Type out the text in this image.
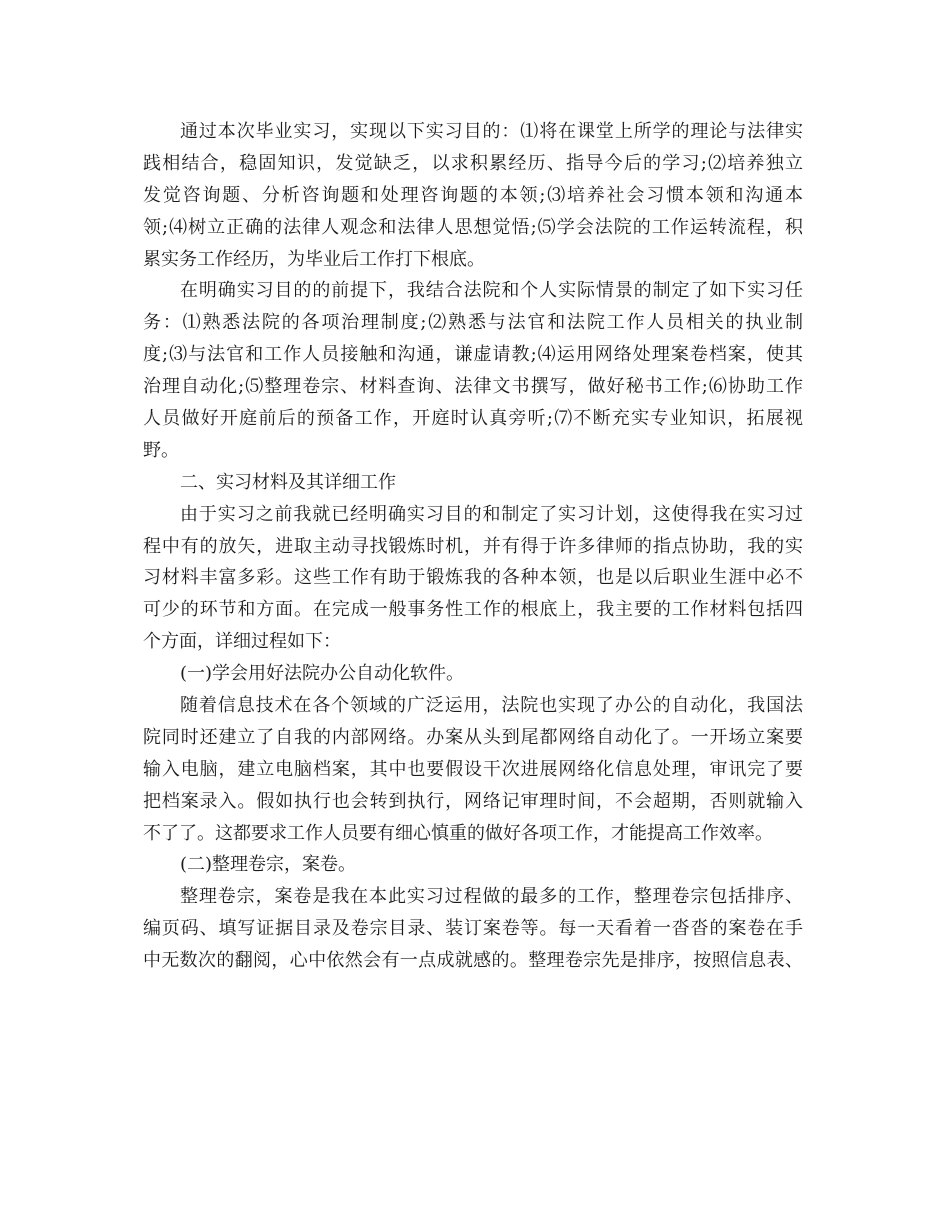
通过本次毕业实习，实现以下实习目的：⑴将在课堂上所学的理论与法律实
践相结合，稳固知识，发觉缺乏，以求积累经历、指导今后的学习;⑵培养独立
发觉咨询题、分析咨询题和处理咨询题的本领;⑶培养社会习惯本领和沟通本
领;⑷树立正确的法律人观念和法律人思想觉悟;⑸学会法院的工作运转流程，积
累实务工作经历，为毕业后工作打下根底。
在明确实习目的的前提下，我结合法院和个人实际情景的制定了如下实习任
务：⑴熟悉法院的各项治理制度;⑵熟悉与法官和法院工作人员相关的执业制
度;⑶与法官和工作人员接触和沟通，谦虚请教;⑷运用网络处理案卷档案，使其
治理自动化;⑸整理卷宗、材料查询、法律文书撰写，做好秘书工作;⑹协助工作
人员做好开庭前后的预备工作，开庭时认真旁听;⑺不断充实专业知识，拓展视
野。
二、实习材料及其详细工作
由于实习之前我就已经明确实习目的和制定了实习计划，这使得我在实习过
程中有的放矢，进取主动寻找锻炼时机，并有得于许多律师的指点协助，我的实
习材料丰富多彩。这些工作有助于锻炼我的各种本领，也是以后职业生涯中必不
可少的环节和方面。在完成一般事务性工作的根底上，我主要的工作材料包括四
个方面，详细过程如下：
(一)学会用好法院办公自动化软件。
随着信息技术在各个领域的广泛运用，法院也实现了办公的自动化，我国法
院同时还建立了自我的内部网络。办案从头到尾都网络自动化了。一开场立案要
输入电脑，建立电脑档案，其中也要假设干次进展网络化信息处理，审讯完了要
把档案录入。假如执行也会转到执行，网络记审理时间，不会超期，否则就输入
不了了。这都要求工作人员要有细心慎重的做好各项工作，才能提高工作效率。
(二)整理卷宗，案卷。
整理卷宗，案卷是我在本此实习过程做的最多的工作，整理卷宗包括排序、
编页码、填写证据目录及卷宗目录、装订案卷等。每一天看着一沓沓的案卷在手
中无数次的翻阅，心中依然会有一点成就感的。整理卷宗先是排序，按照信息表、
